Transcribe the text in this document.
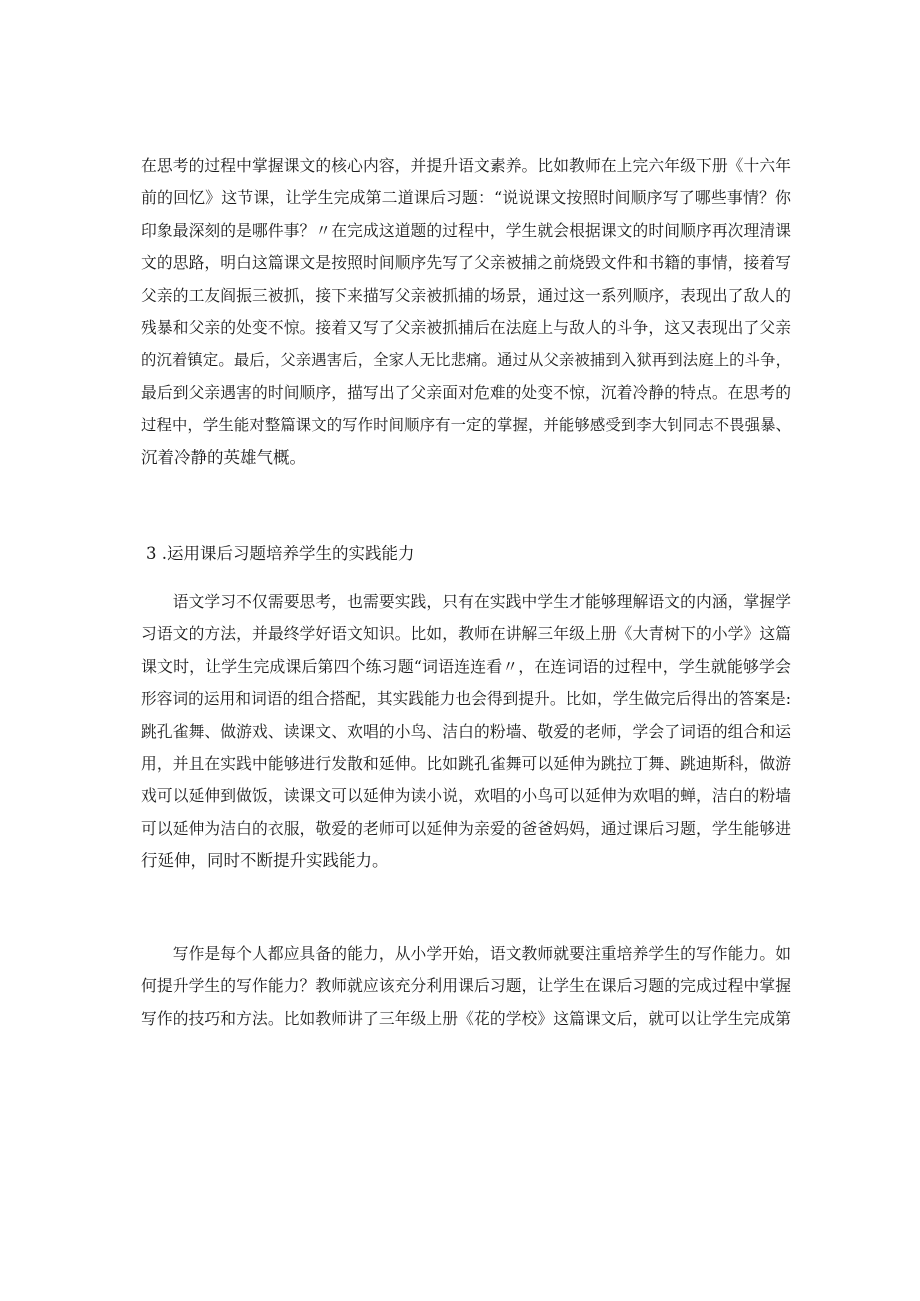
在思考的过程中掌握课文的核心内容，并提升语文素养。比如教师在上完六年级下册《十六年
前的回忆》这节课，让学生完成第二道课后习题：“说说课文按照时间顺序写了哪些事情？你
印象最深刻的是哪件事？〃在完成这道题的过程中，学生就会根据课文的时间顺序再次理清课
文的思路，明白这篇课文是按照时间顺序先写了父亲被捕之前烧毁文件和书籍的事情，接着写
父亲的工友阎振三被抓，接下来描写父亲被抓捕的场景，通过这一系列顺序，表现出了敌人的
残暴和父亲的处变不惊。接着又写了父亲被抓捕后在法庭上与敌人的斗争，这又表现出了父亲
的沉着镇定。最后，父亲遇害后，全家人无比悲痛。通过从父亲被捕到入狱再到法庭上的斗争，
最后到父亲遇害的时间顺序，描写出了父亲面对危难的处变不惊，沉着冷静的特点。在思考的
过程中，学生能对整篇课文的写作时间顺序有一定的掌握，并能够感受到李大钊同志不畏强暴、
沉着冷静的英雄气概。
3 .运用课后习题培养学生的实践能力
　　语文学习不仅需要思考，也需要实践，只有在实践中学生才能够理解语文的内涵，掌握学
习语文的方法，并最终学好语文知识。比如，教师在讲解三年级上册《大青树下的小学》这篇
课文时，让学生完成课后第四个练习题“词语连连看〃，在连词语的过程中，学生就能够学会
形容词的运用和词语的组合搭配，其实践能力也会得到提升。比如，学生做完后得出的答案是:
跳孔雀舞、做游戏、读课文、欢唱的小鸟、洁白的粉墙、敬爱的老师，学会了词语的组合和运
用，并且在实践中能够进行发散和延伸。比如跳孔雀舞可以延伸为跳拉丁舞、跳迪斯科，做游
戏可以延伸到做饭，读课文可以延伸为读小说，欢唱的小鸟可以延伸为欢唱的蝉，洁白的粉墙
可以延伸为洁白的衣服，敬爱的老师可以延伸为亲爱的爸爸妈妈，通过课后习题，学生能够进
行延伸，同时不断提升实践能力。
　　写作是每个人都应具备的能力，从小学开始，语文教师就要注重培养学生的写作能力。如
何提升学生的写作能力？教师就应该充分利用课后习题，让学生在课后习题的完成过程中掌握
写作的技巧和方法。比如教师讲了三年级上册《花的学校》这篇课文后，就可以让学生完成第
